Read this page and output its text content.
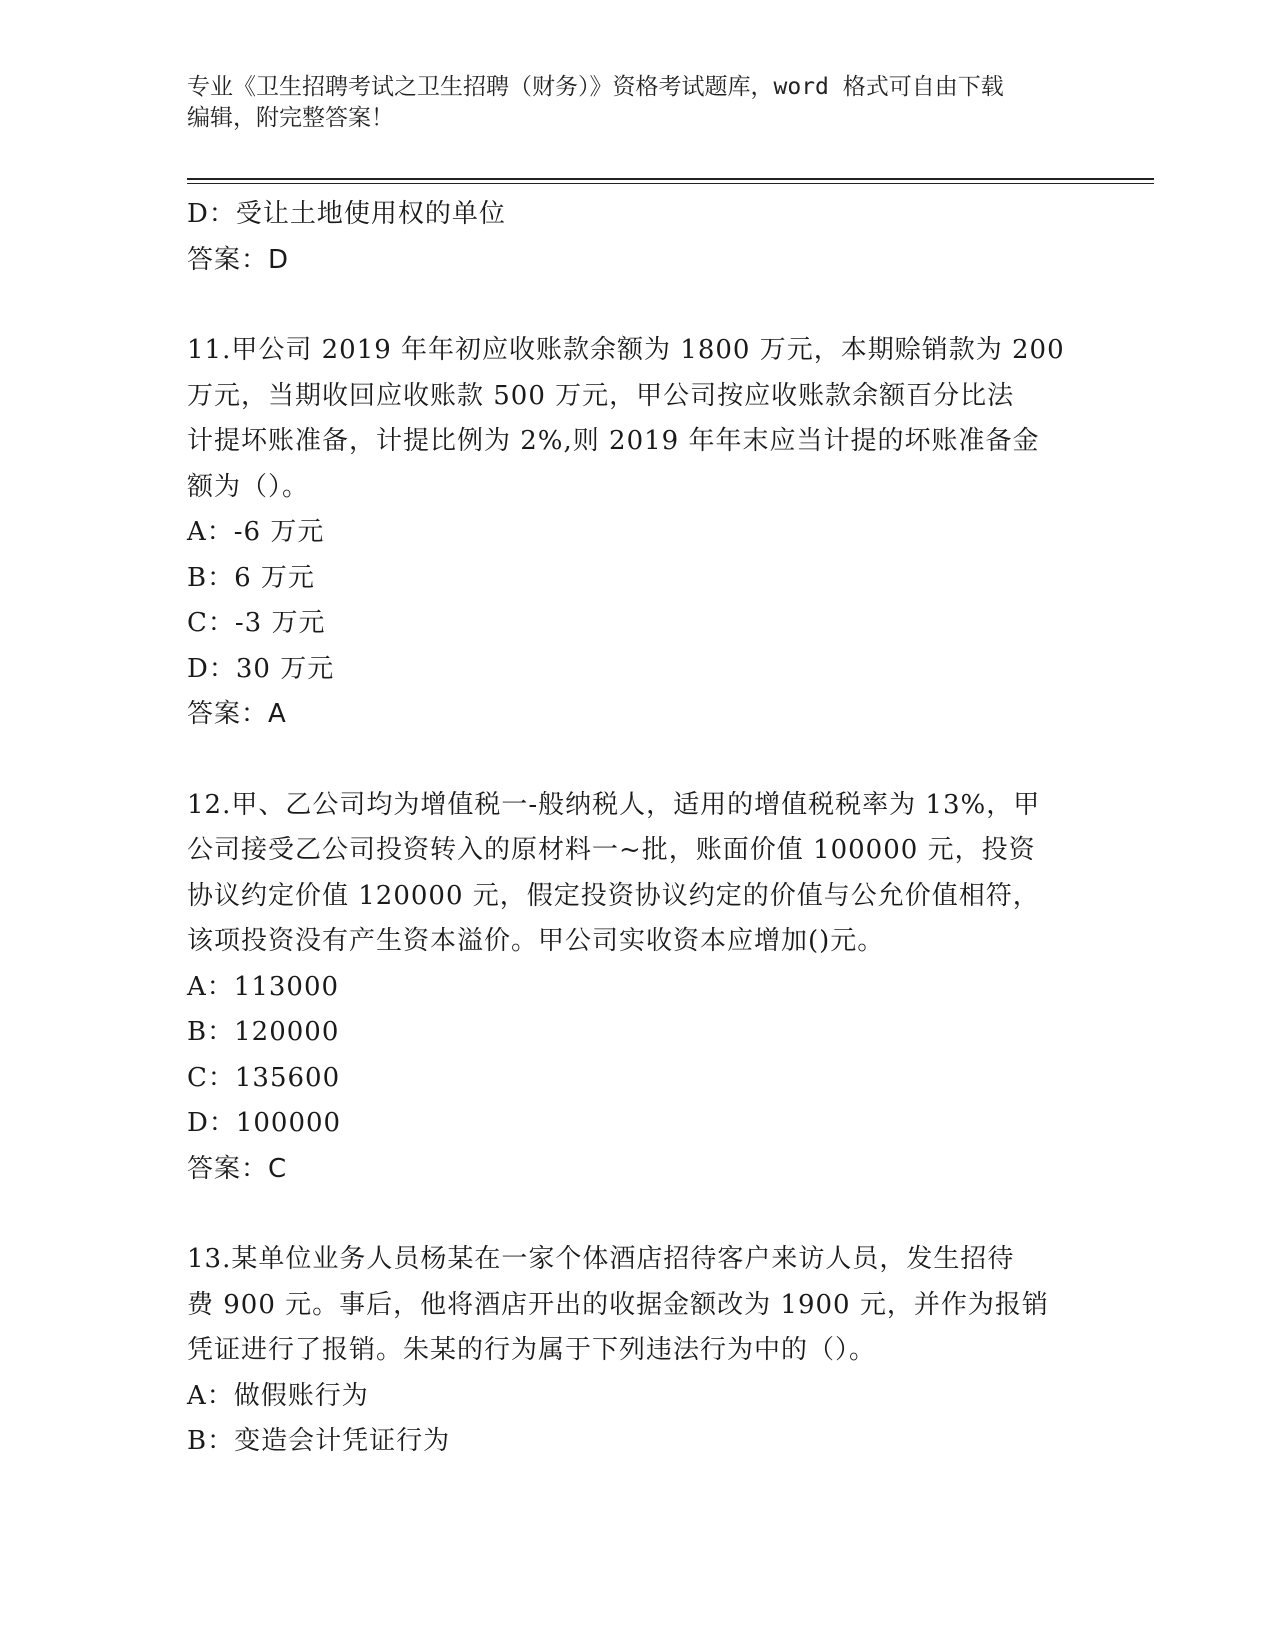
专业《卫生招聘考试之卫生招聘（财务）》资格考试题库，word 格式可自由下载
编辑，附完整答案！
D：受让土地使用权的单位
答案：D
11.甲公司 2019 年年初应收账款余额为 1800 万元，本期赊销款为 200
万元，当期收回应收账款 500 万元，甲公司按应收账款余额百分比法
计提坏账准备，计提比例为 2%,则 2019 年年末应当计提的坏账准备金
额为（）。
A：-6 万元
B：6 万元
C：-3 万元
D：30 万元
答案：A
12.甲、乙公司均为增值税一-般纳税人，适用的增值税税率为 13%，甲
公司接受乙公司投资转入的原材料一~批，账面价值 100000 元，投资
协议约定价值 120000 元，假定投资协议约定的价值与公允价值相符，
该项投资没有产生资本溢价。甲公司实收资本应增加()元。
A：113000
B：120000
C：135600
D：100000
答案：C
13.某单位业务人员杨某在一家个体酒店招待客户来访人员，发生招待
费 900 元。事后，他将酒店开出的收据金额改为 1900 元，并作为报销
凭证进行了报销。朱某的行为属于下列违法行为中的（）。
A：做假账行为
B：变造会计凭证行为
